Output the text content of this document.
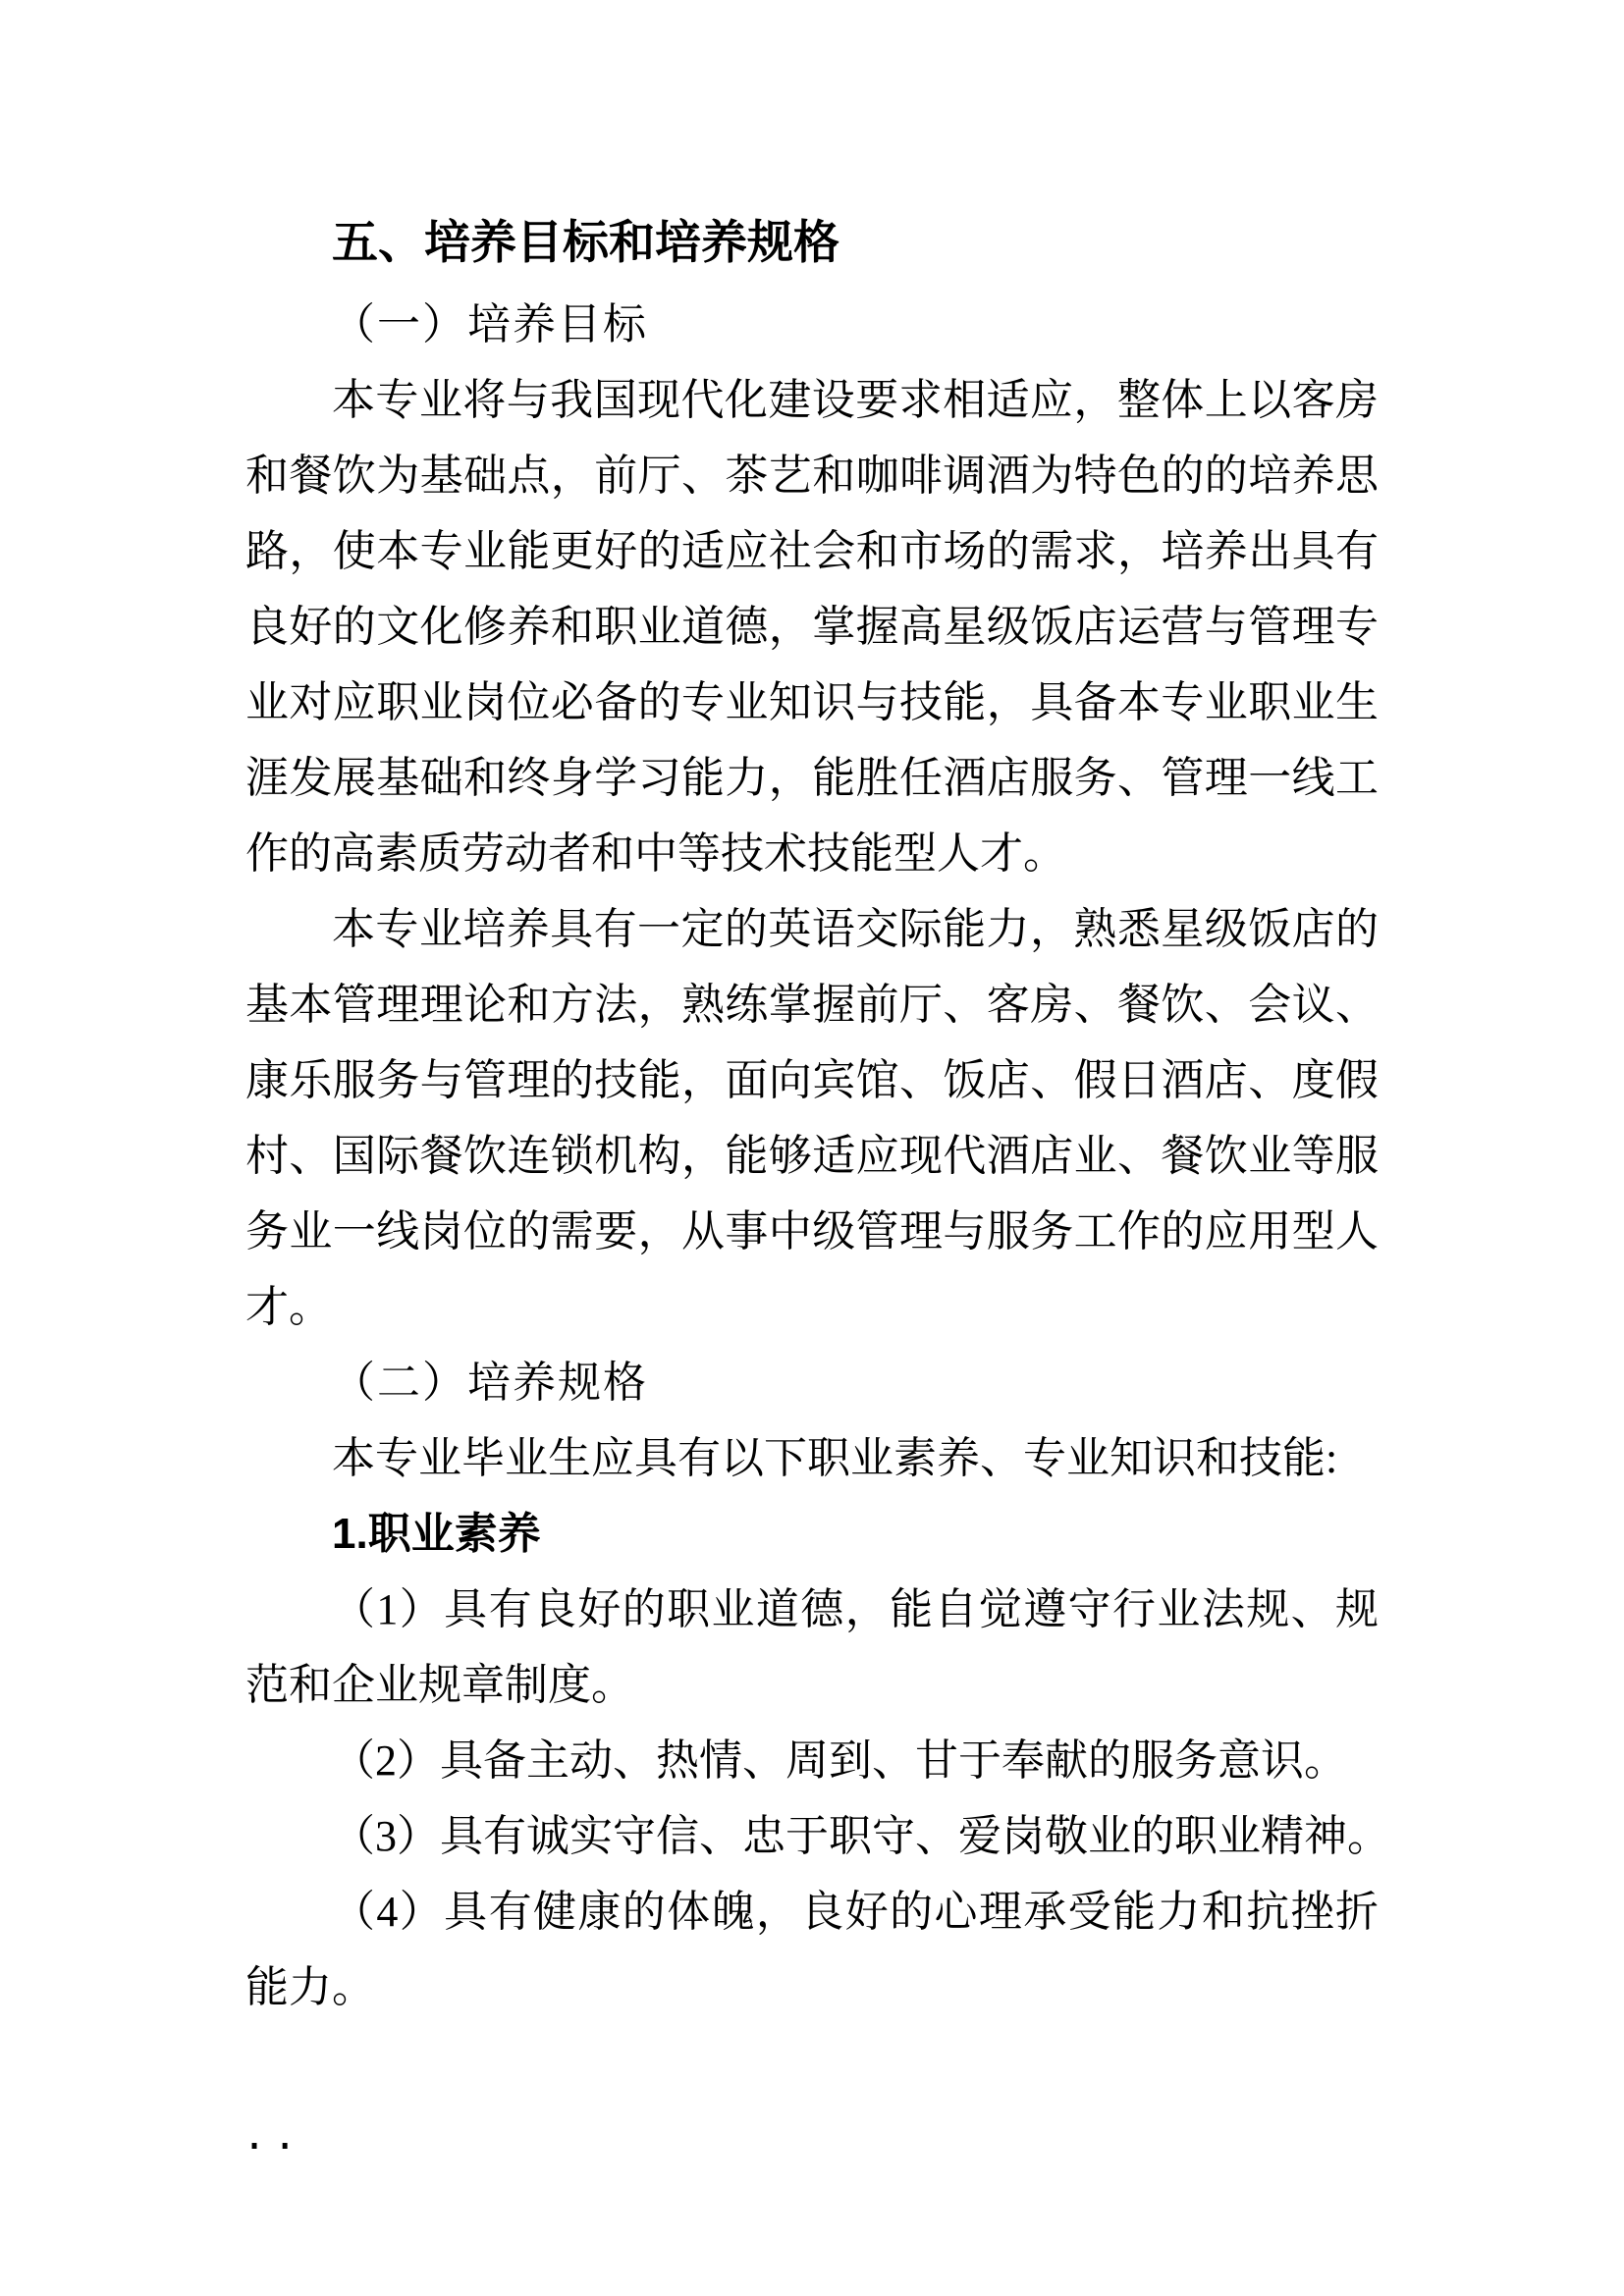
五、培养目标和培养规格
（一）培养目标
本专业将与我国现代化建设要求相适应，整体上以客房
和餐饮为基础点，前厅、茶艺和咖啡调酒为特色的的培养思
路，使本专业能更好的适应社会和市场的需求，培养出具有
良好的文化修养和职业道德，掌握高星级饭店运营与管理专
业对应职业岗位必备的专业知识与技能，具备本专业职业生
涯发展基础和终身学习能力，能胜任酒店服务、管理一线工
作的高素质劳动者和中等技术技能型人才。
本专业培养具有一定的英语交际能力，熟悉星级饭店的
基本管理理论和方法，熟练掌握前厅、客房、餐饮、会议、
康乐服务与管理的技能，面向宾馆、饭店、假日酒店、度假
村、国际餐饮连锁机构，能够适应现代酒店业、餐饮业等服
务业一线岗位的需要，从事中级管理与服务工作的应用型人
才。
（二）培养规格
本专业毕业生应具有以下职业素养、专业知识和技能:
1.职业素养
（1）具有良好的职业道德，能自觉遵守行业法规、规
范和企业规章制度。
（2）具备主动、热情、周到、甘于奉献的服务意识。
（3）具有诚实守信、忠于职守、爱岗敬业的职业精神。
（4）具有健康的体魄，良好的心理承受能力和抗挫折
能力。
..
